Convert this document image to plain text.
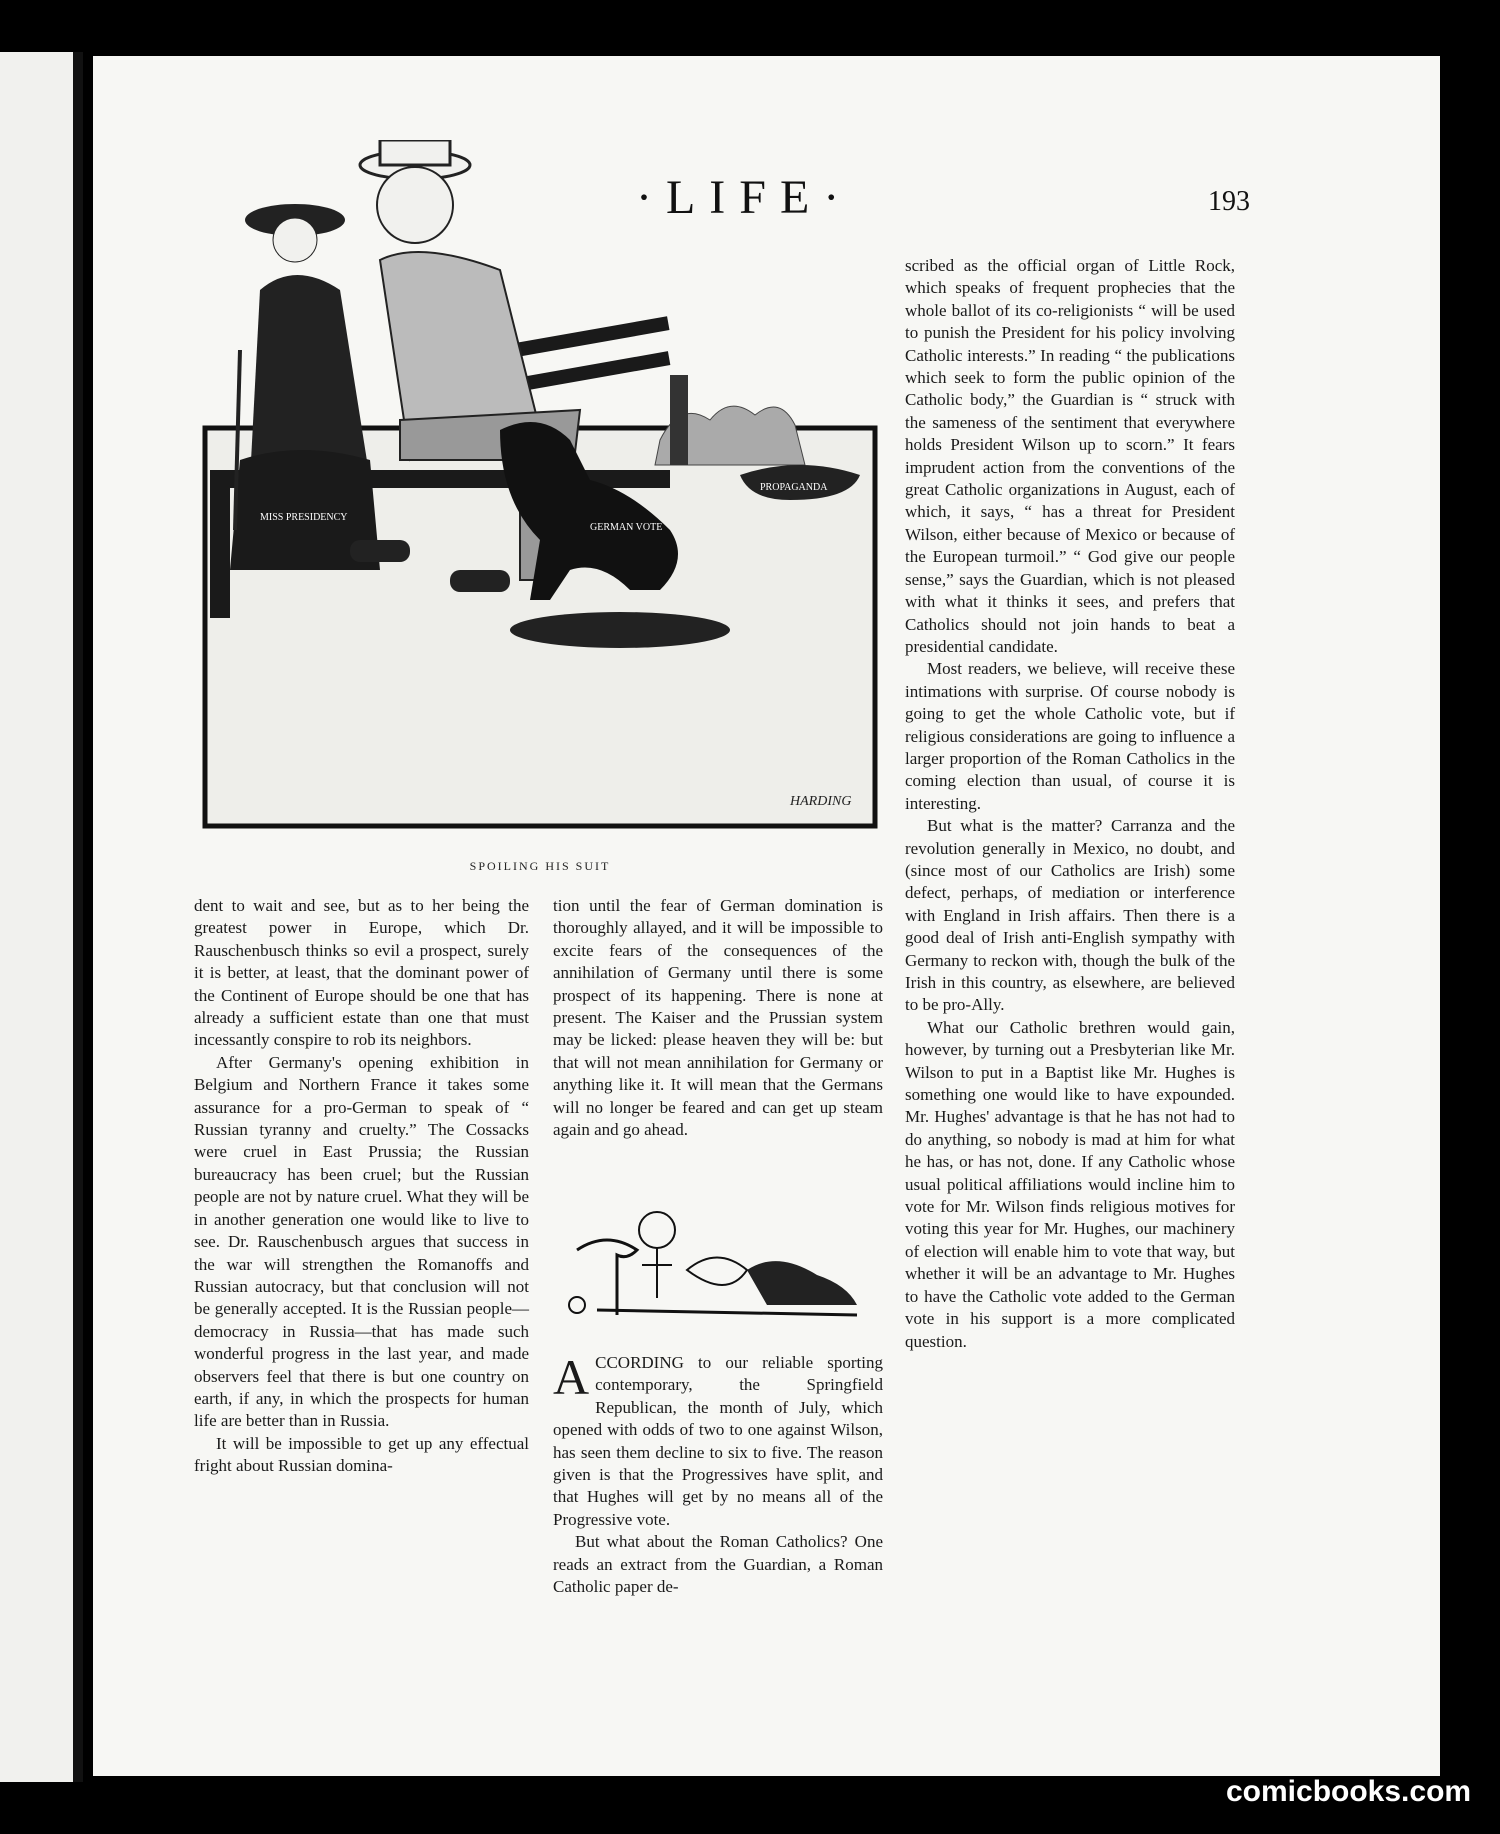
·LIFE·	193
PROPAGANDA
MISS PRESIDENCY
GERMAN VOTE
HARDING
SPOILING HIS SUIT

dent to wait and see, but as to her being the greatest power in Europe, which Dr. Rauschenbusch thinks so evil a prospect, surely it is better, at least, that the dominant power of the Continent of Europe should be one that has already a sufficient estate than one that must incessantly conspire to rob its neighbors.

After Germany's opening exhibition in Belgium and Northern France it takes some assurance for a pro-German to speak of “ Russian tyranny and cruelty.” The Cossacks were cruel in East Prussia; the Russian bureaucracy has been cruel; but the Russian people are not by nature cruel. What they will be in another generation one would like to live to see. Dr. Rauschenbusch argues that success in the war will strengthen the Romanoffs and Russian autocracy, but that conclusion will not be generally accepted. It is the Russian people—democracy in Russia—that has made such wonderful progress in the last year, and made observers feel that there is but one country on earth, if any, in which the prospects for human life are better than in Russia.

It will be impossible to get up any effectual fright about Russian domina-

tion until the fear of German domination is thoroughly allayed, and it will be impossible to excite fears of the consequences of the annihilation of Germany until there is some prospect of its happening. There is none at present. The Kaiser and the Prussian system may be licked: please heaven they will be: but that will not mean annihilation for Germany or anything like it. It will mean that the Germans will no longer be feared and can get up steam again and go ahead.

ACCORDING to our reliable sporting contemporary, the Springfield Republican, the month of July, which opened with odds of two to one against Wilson, has seen them decline to six to five. The reason given is that the Progressives have split, and that Hughes will get by no means all of the Progressive vote.

But what about the Roman Catholics? One reads an extract from the Guardian, a Roman Catholic paper de-

scribed as the official organ of Little Rock, which speaks of frequent prophecies that the whole ballot of its co-religionists “ will be used to punish the President for his policy involving Catholic interests.” In reading “ the publications which seek to form the public opinion of the Catholic body,” the Guardian is “ struck with the sameness of the sentiment that everywhere holds President Wilson up to scorn.” It fears imprudent action from the conventions of the great Catholic organizations in August, each of which, it says, “ has a threat for President Wilson, either because of Mexico or because of the European turmoil.” “ God give our people sense,” says the Guardian, which is not pleased with what it thinks it sees, and prefers that Catholics should not join hands to beat a presidential candidate.

Most readers, we believe, will receive these intimations with surprise. Of course nobody is going to get the whole Catholic vote, but if religious considerations are going to influence a larger proportion of the Roman Catholics in the coming election than usual, of course it is interesting.

But what is the matter? Carranza and the revolution generally in Mexico, no doubt, and (since most of our Catholics are Irish) some defect, perhaps, of mediation or interference with England in Irish affairs. Then there is a good deal of Irish anti-English sympathy with Germany to reckon with, though the bulk of the Irish in this country, as elsewhere, are believed to be pro-Ally.

What our Catholic brethren would gain, however, by turning out a Presbyterian like Mr. Wilson to put in a Baptist like Mr. Hughes is something one would like to have expounded. Mr. Hughes' advantage is that he has not had to do anything, so nobody is mad at him for what he has, or has not, done. If any Catholic whose usual political affiliations would incline him to vote for Mr. Wilson finds religious motives for voting this year for Mr. Hughes, our machinery of election will enable him to vote that way, but whether it will be an advantage to Mr. Hughes to have the Catholic vote added to the German vote in his support is a more complicated question.

comicbooks.com
